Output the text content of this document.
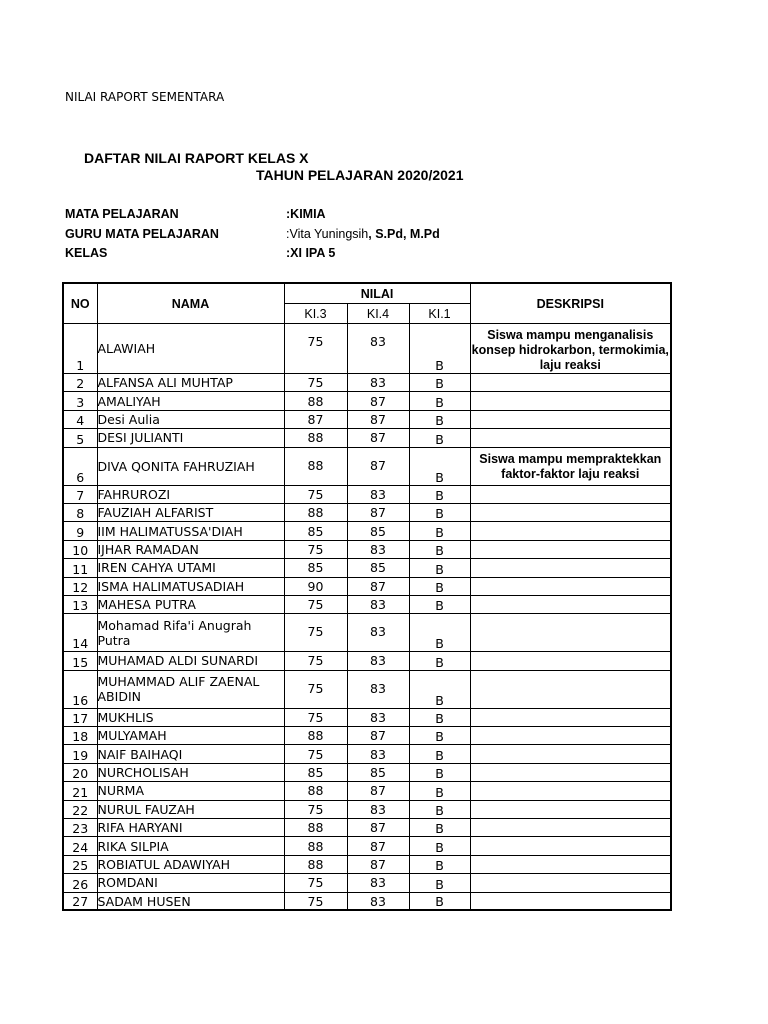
NILAI RAPORT SEMENTARA
DAFTAR NILAI RAPORT KELAS X
TAHUN PELAJARAN 2020/2021
MATA PELAJARAN	:KIMIA
GURU MATA PELAJARAN	:Vita Yuningsih, S.Pd, M.Pd
KELAS	:XI IPA 5
NO	NAMA	NILAI			DESKRIPSI
		KI.3	KI.4	KI.1	
1	ALAWIAH	75	83	B	Siswa mampu menganalisis konsep hidrokarbon, termokimia, laju reaksi
2	ALFANSA ALI MUHTAP	75	83	B	
3	AMALIYAH	88	87	B	
4	Desi Aulia	87	87	B	
5	DESI JULIANTI	88	87	B	
6	DIVA QONITA FAHRUZIAH	88	87	B	Siswa mampu mempraktekkan faktor-faktor laju reaksi
7	FAHRUROZI	75	83	B	
8	FAUZIAH ALFARIST	88	87	B	
9	IIM HALIMATUSSA'DIAH	85	85	B	
10	IJHAR RAMADAN	75	83	B	
11	IREN CAHYA UTAMI	85	85	B	
12	ISMA HALIMATUSADIAH	90	87	B	
13	MAHESA PUTRA	75	83	B	
14	Mohamad Rifa'i Anugrah Putra	75	83	B	
15	MUHAMAD ALDI SUNARDI	75	83	B	
16	MUHAMMAD ALIF ZAENAL ABIDIN	75	83	B	
17	MUKHLIS	75	83	B	
18	MULYAMAH	88	87	B	
19	NAIF BAIHAQI	75	83	B	
20	NURCHOLISAH	85	85	B	
21	NURMA	88	87	B	
22	NURUL FAUZAH	75	83	B	
23	RIFA HARYANI	88	87	B	
24	RIKA SILPIA	88	87	B	
25	ROBIATUL ADAWIYAH	88	87	B	
26	ROMDANI	75	83	B	
27	SADAM HUSEN	75	83	B	
